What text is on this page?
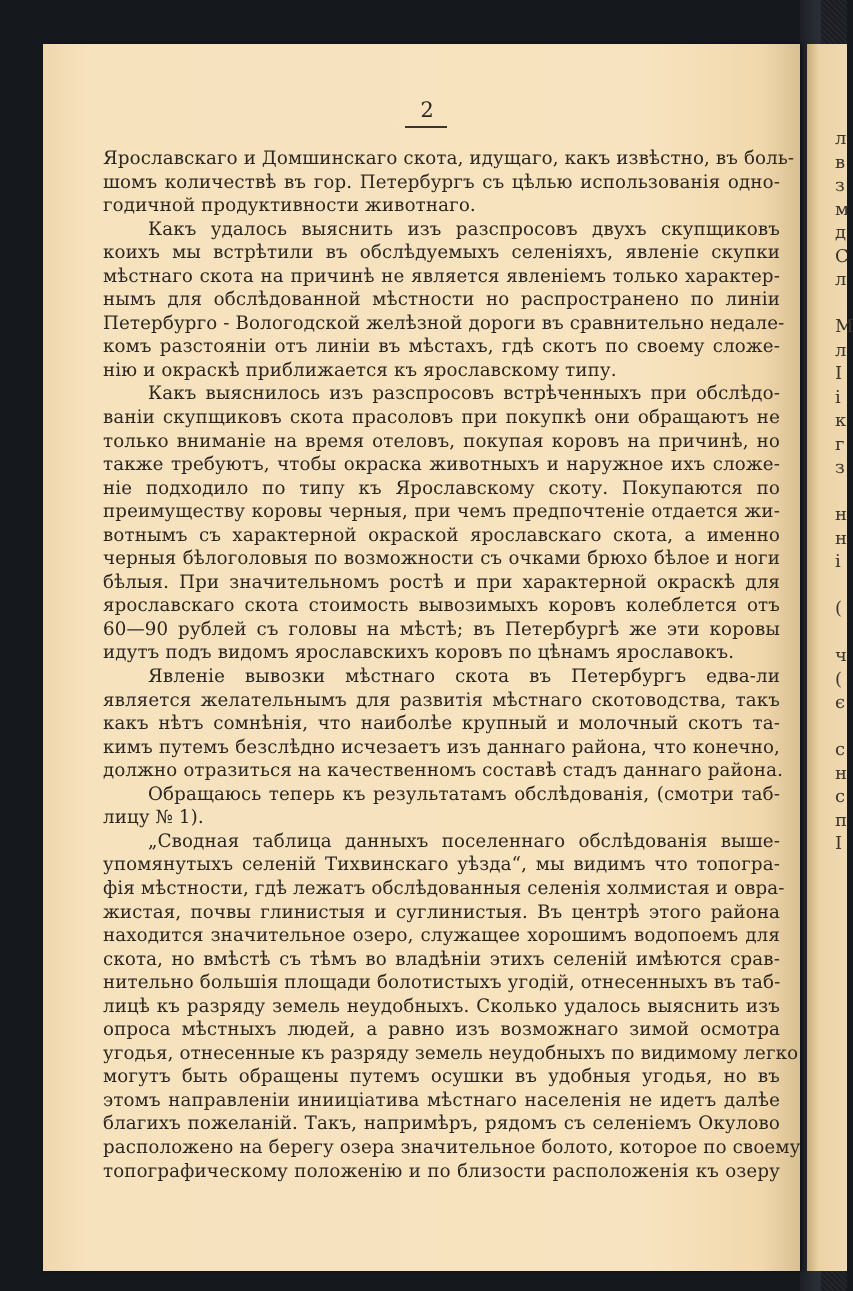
л
в
з
м
д
С
л
М
л
I
і
к
г
з
н
н
і
(
ч
(
є
с
н
с
п
І
2
Ярославскаго и Домшинскаго скота, идущаго, какъ извѣстно, въ боль-
шомъ количествѣ въ гор. Петербургъ съ цѣлью использованія одно-
годичной продуктивности животнаго.
Какъ удалось выяснить изъ разспросовъ двухъ скупщиковъ
коихъ мы встрѣтили въ обслѣдуемыхъ селеніяхъ, явленіе скупки
мѣстнаго скота на причинѣ не является явленіемъ только характер-
нымъ для обслѣдованной мѣстности но распространено по линіи
Петербурго - Вологодской желѣзной дороги въ сравнительно недале-
комъ разстояніи отъ линіи въ мѣстахъ, гдѣ скотъ по своему сложе-
нію и окраскѣ приближается къ ярославскому типу.
Какъ выяснилось изъ разспросовъ встрѣченныхъ при обслѣдо-
ваніи скупщиковъ скота прасоловъ при покупкѣ они обращаютъ не
только вниманіе на время отеловъ, покупая коровъ на причинѣ, но
также требуютъ, чтобы окраска животныхъ и наружное ихъ сложе-
ніе подходило по типу къ Ярославскому скоту. Покупаются по
преимуществу коровы черныя, при чемъ предпочтеніе отдается жи-
вотнымъ съ характерной окраской ярославскаго скота, а именно
черныя бѣлоголовыя по возможности съ очками брюхо бѣлое и ноги
бѣлыя. При значительномъ ростѣ и при характерной окраскѣ для
ярославскаго скота стоимость вывозимыхъ коровъ колеблется отъ
60—90 рублей съ головы на мѣстѣ; въ Петербургѣ же эти коровы
идутъ подъ видомъ ярославскихъ коровъ по цѣнамъ ярославокъ.
Явленіе вывозки мѣстнаго скота въ Петербургъ едва-ли
является желательнымъ для развитія мѣстнаго скотоводства, такъ
какъ нѣтъ сомнѣнія, что наиболѣе крупный и молочный скотъ та-
кимъ путемъ безслѣдно исчезаетъ изъ даннаго района, что конечно,
должно отразиться на качественномъ составѣ стадъ даннаго района.
Обращаюсь теперь къ результатамъ обслѣдованія, (смотри таб-
лицу № 1).
„Сводная таблица данныхъ поселеннаго обслѣдованія выше-
упомянутыхъ селеній Тихвинскаго уѣзда“, мы видимъ что топогра-
фія мѣстности, гдѣ лежатъ обслѣдованныя селенія холмистая и овра-
жистая, почвы глинистыя и суглинистыя. Въ центрѣ этого района
находится значительное озеро, служащее хорошимъ водопоемъ для
скота, но вмѣстѣ съ тѣмъ во владѣніи этихъ селеній имѣются срав-
нительно большія площади болотистыхъ угодій, отнесенныхъ въ таб-
лицѣ къ разряду земель неудобныхъ. Сколько удалось выяснить изъ
опроса мѣстныхъ людей, а равно изъ возможнаго зимой осмотра
угодья, отнесенные къ разряду земель неудобныхъ по видимому легко
могутъ быть обращены путемъ осушки въ удобныя угодья, но въ
этомъ направленіи инииціатива мѣстнаго населенія не идетъ далѣе
благихъ пожеланій. Такъ, напримѣръ, рядомъ съ селеніемъ Окулово
расположено на берегу озера значительное болото, которое по своему
топографическому положенію и по близости расположенія къ озеру
